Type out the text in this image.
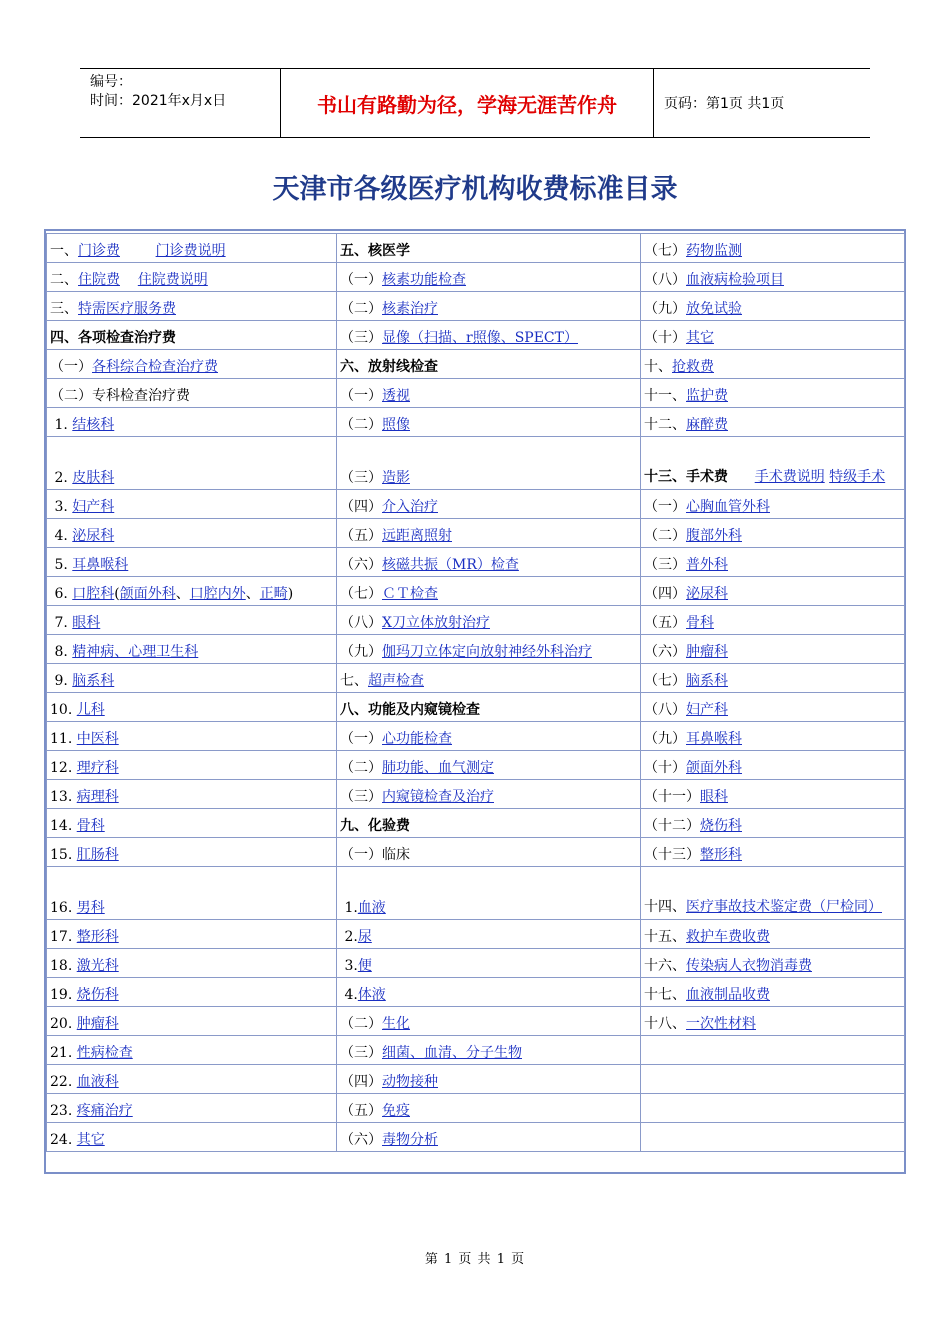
编号：
时间：2021年x月x日	书山有路勤为径，学海无涯苦作舟	页码：第1页 共1页
天津市各级医疗机构收费标准目录
一、门诊费 门诊费说明	五、核医学	（七）药物监测
二、住院费 住院费说明	（一）核素功能检查	（八）血液病检验项目
三、特需医疗服务费	（二）核素治疗	（九）放免试验
四、各项检查治疗费	（三）显像（扫描、r照像、SPECT）	（十）其它
（一）各科综合检查治疗费	六、放射线检查	十、抢救费
（二）专科检查治疗费	（一）透视	十一、监护费
1. 结核科	（二）照像	十二、麻醉费
2. 皮肤科	（三）造影	十三、手术费 手术费说明 特级手术
3. 妇产科	（四）介入治疗	（一）心胸血管外科
4. 泌尿科	（五）远距离照射	（二）腹部外科
5. 耳鼻喉科	（六）核磁共振（MR）检查	（三）普外科
6. 口腔科(颌面外科、口腔内外、正畸)	（七）ＣＴ检查	（四）泌尿科
7. 眼科	（八）X刀立体放射治疗	（五）骨科
8. 精神病、心理卫生科	（九）伽玛刀立体定向放射神经外科治疗	（六）肿瘤科
9. 脑系科	七、超声检查	（七）脑系科
10. 儿科	八、功能及内窥镜检查	（八）妇产科
11. 中医科	（一）心功能检查	（九）耳鼻喉科
12. 理疗科	（二）肺功能、血气测定	（十）颌面外科
13. 病理科	（三）内窥镜检查及治疗	（十一）眼科
14. 骨科	九、化验费	（十二）烧伤科
15. 肛肠科	（一）临床	（十三）整形科
16. 男科	1.血液	十四、医疗事故技术鉴定费（尸检同）
17. 整形科	2.尿	十五、救护车费收费
18. 激光科	3.便	十六、传染病人衣物消毒费
19. 烧伤科	4.体液	十七、血液制品收费
20. 肿瘤科	（二）生化	十八、一次性材料
21. 性病检查	（三）细菌、血清、分子生物	
22. 血液科	（四）动物接种	
23. 疼痛治疗	（五）免疫	
24. 其它	（六）毒物分析	
第 1 页 共 1 页
